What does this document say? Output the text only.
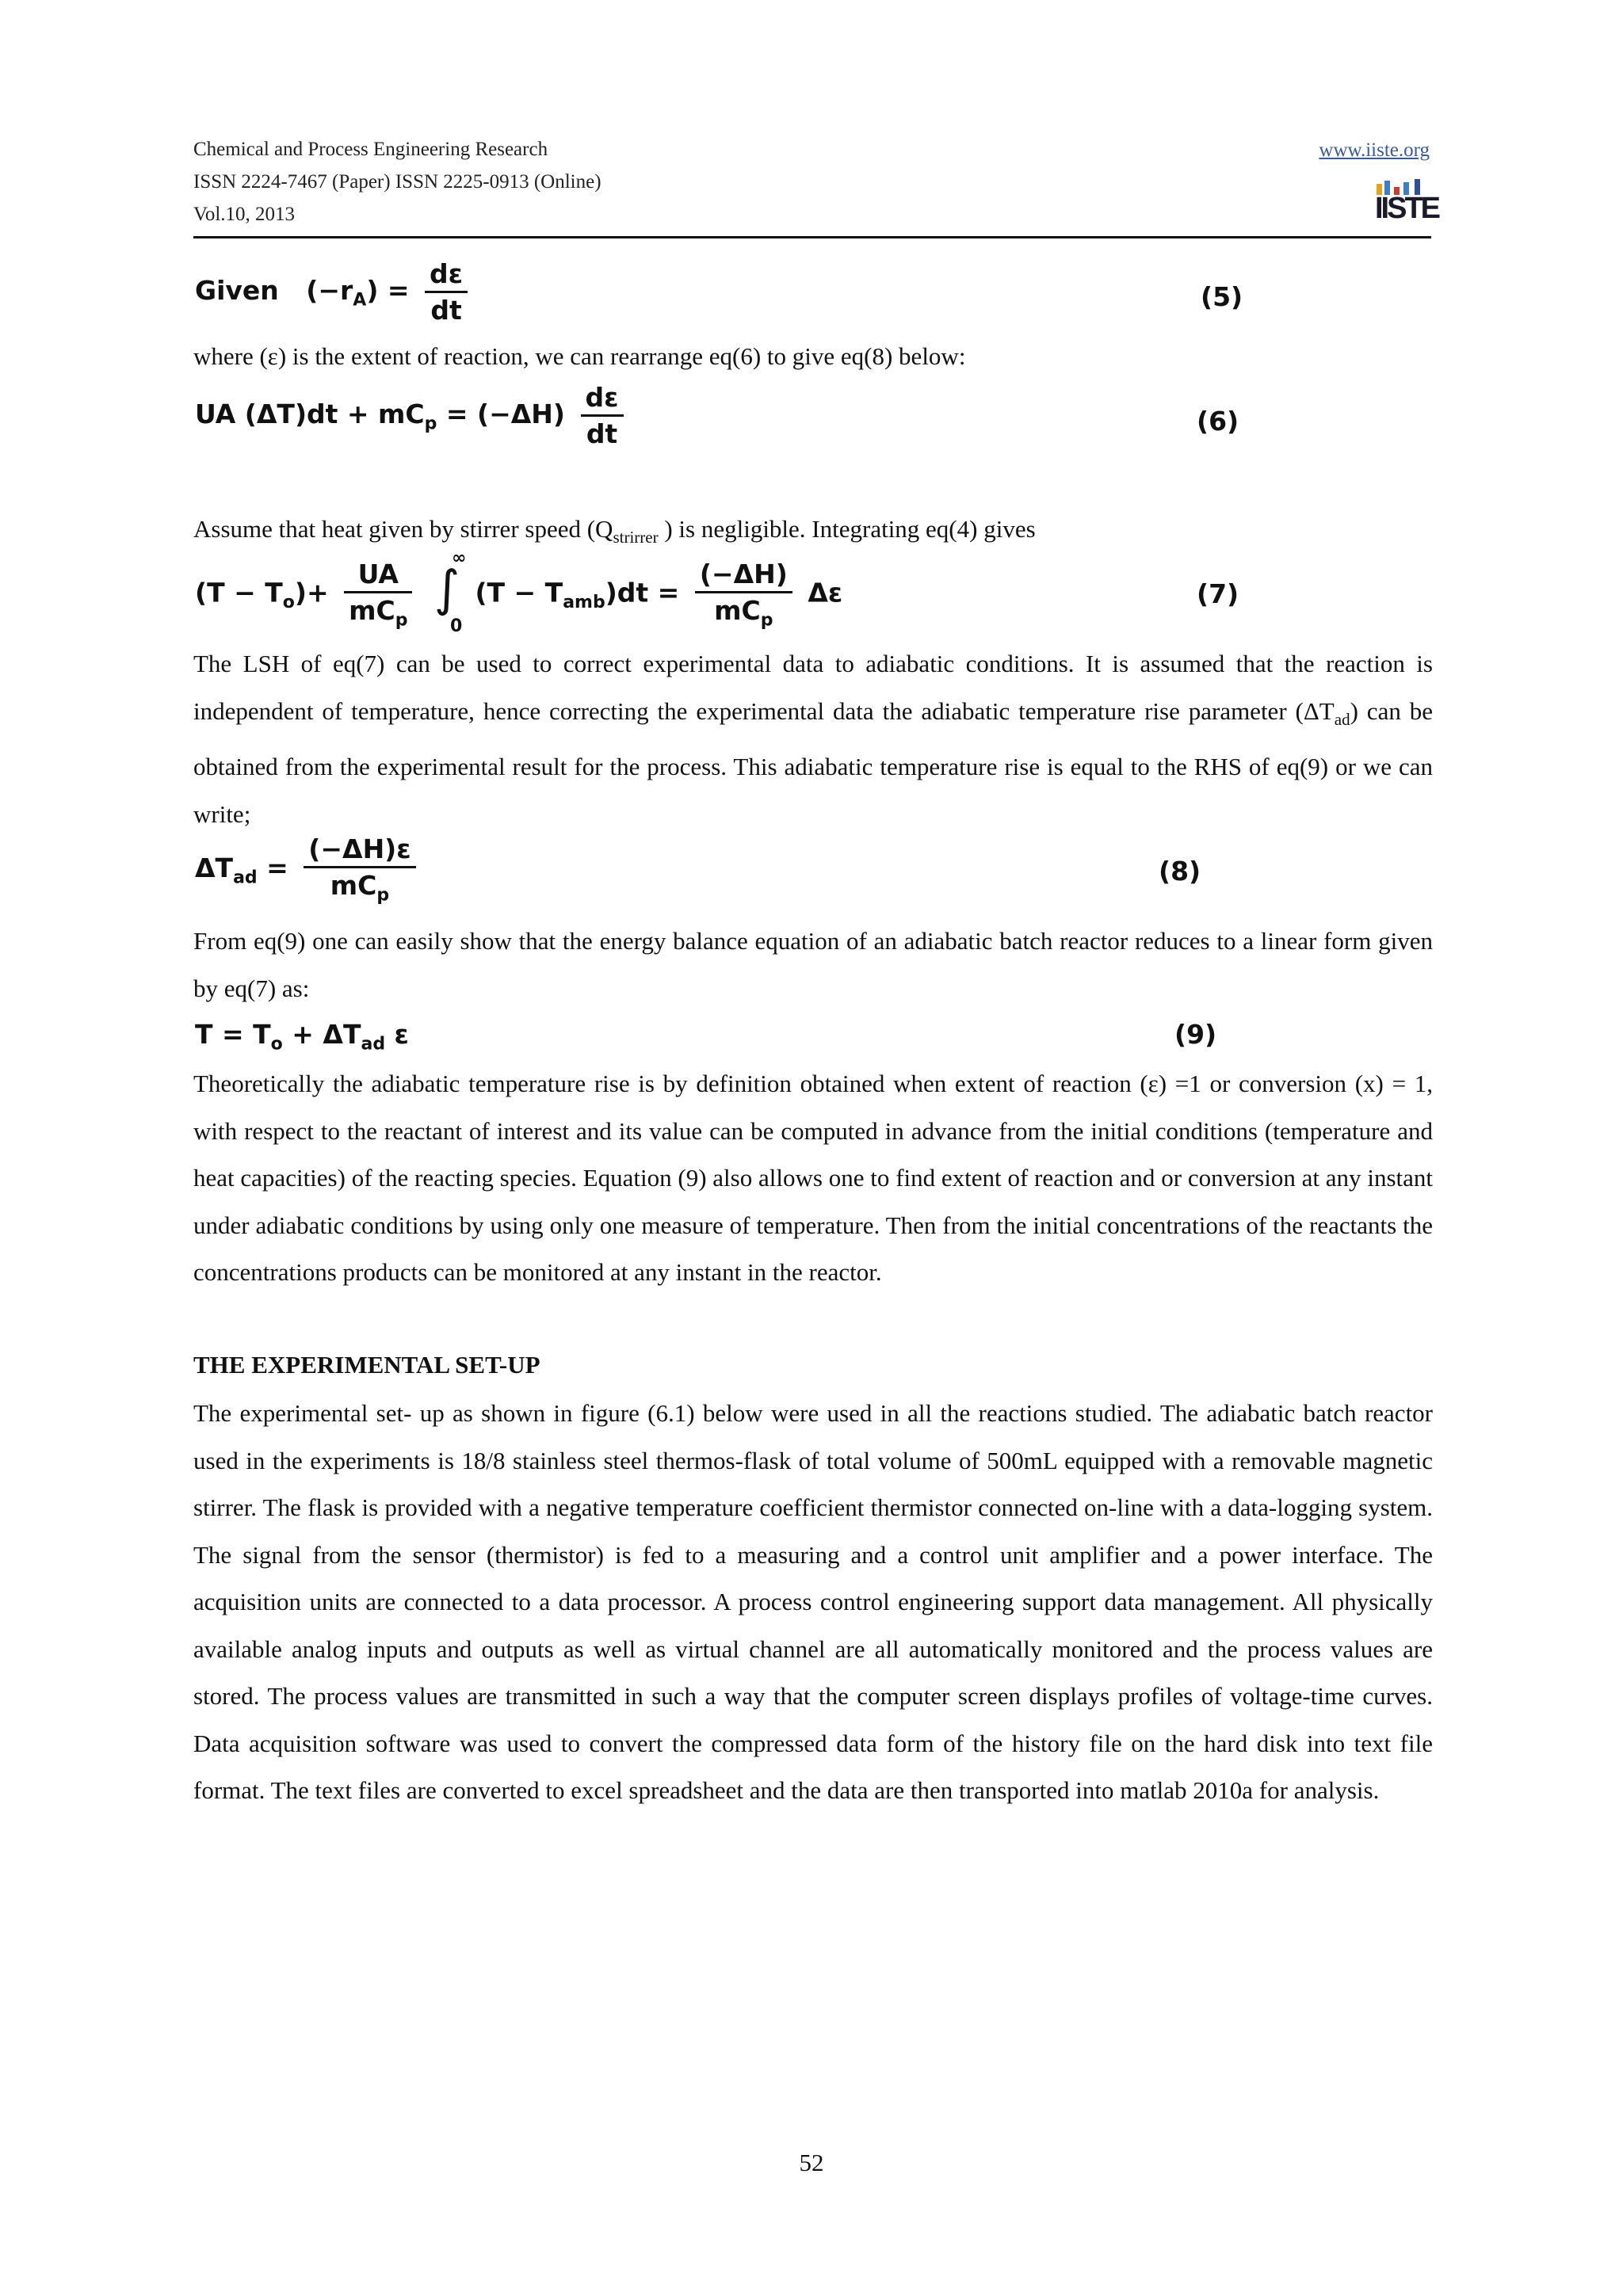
Chemical and Process Engineering Research
ISSN 2224-7467 (Paper) ISSN 2225-0913 (Online)
Vol.10, 2013
www.iiste.org
IISTE
Given $(-r_A) = \frac{d\varepsilon}{dt}$	(5)
where (ε) is the extent of reaction, we can rearrange eq(6) to give eq(8) below:
UA $(\Delta T)dt + mC_p = (-\Delta H) \frac{d\varepsilon}{dt}$	(6)
Assume that heat given by stirrer speed ($Q_{strirrer}$ ) is negligible. Integrating eq(4) gives
$(T - T_o)+ \frac{UA}{mC_p}$
∫
∞
0
$(T - T_{amb})dt = \frac{(-\Delta H)}{mC_p}$ Δε	(7)
The LSH of eq(7) can be used to correct experimental data to adiabatic conditions. It is assumed that the reaction is independent of temperature, hence correcting the experimental data the adiabatic temperature rise parameter $(\Delta T_{ad})$ can be obtained from the experimental result for the process. This adiabatic temperature rise is equal to the RHS of eq(9) or we can write;
$\Delta T_{ad} = \frac{(-\Delta H)\varepsilon}{mC_p}$	(8)
From eq(9) one can easily show that the energy balance equation of an adiabatic batch reactor reduces to a linear form given by eq(7) as:
$T = T_o + \Delta T_{ad}$ ε	(9)
Theoretically the adiabatic temperature rise is by definition obtained when extent of reaction (ε) =1 or conversion (x) = 1, with respect to the reactant of interest and its value can be computed in advance from the initial conditions (temperature and heat capacities) of the reacting species. Equation (9) also allows one to find extent of reaction and or conversion at any instant under adiabatic conditions by using only one measure of temperature. Then from the initial concentrations of the reactants the concentrations products can be monitored at any instant in the reactor.
THE EXPERIMENTAL SET-UP
The experimental set- up as shown in figure (6.1) below were used in all the reactions studied. The adiabatic batch reactor used in the experiments is 18/8 stainless steel thermos-flask of total volume of 500mL equipped with a removable magnetic stirrer. The flask is provided with a negative temperature coefficient thermistor connected on-line with a data-logging system. The signal from the sensor (thermistor) is fed to a measuring and a control unit amplifier and a power interface. The acquisition units are connected to a data processor. A process control engineering support data management. All physically available analog inputs and outputs as well as virtual channel are all automatically monitored and the process values are stored. The process values are transmitted in such a way that the computer screen displays profiles of voltage-time curves. Data acquisition software was used to convert the compressed data form of the history file on the hard disk into text file format. The text files are converted to excel spreadsheet and the data are then transported into matlab 2010a for analysis.
52
